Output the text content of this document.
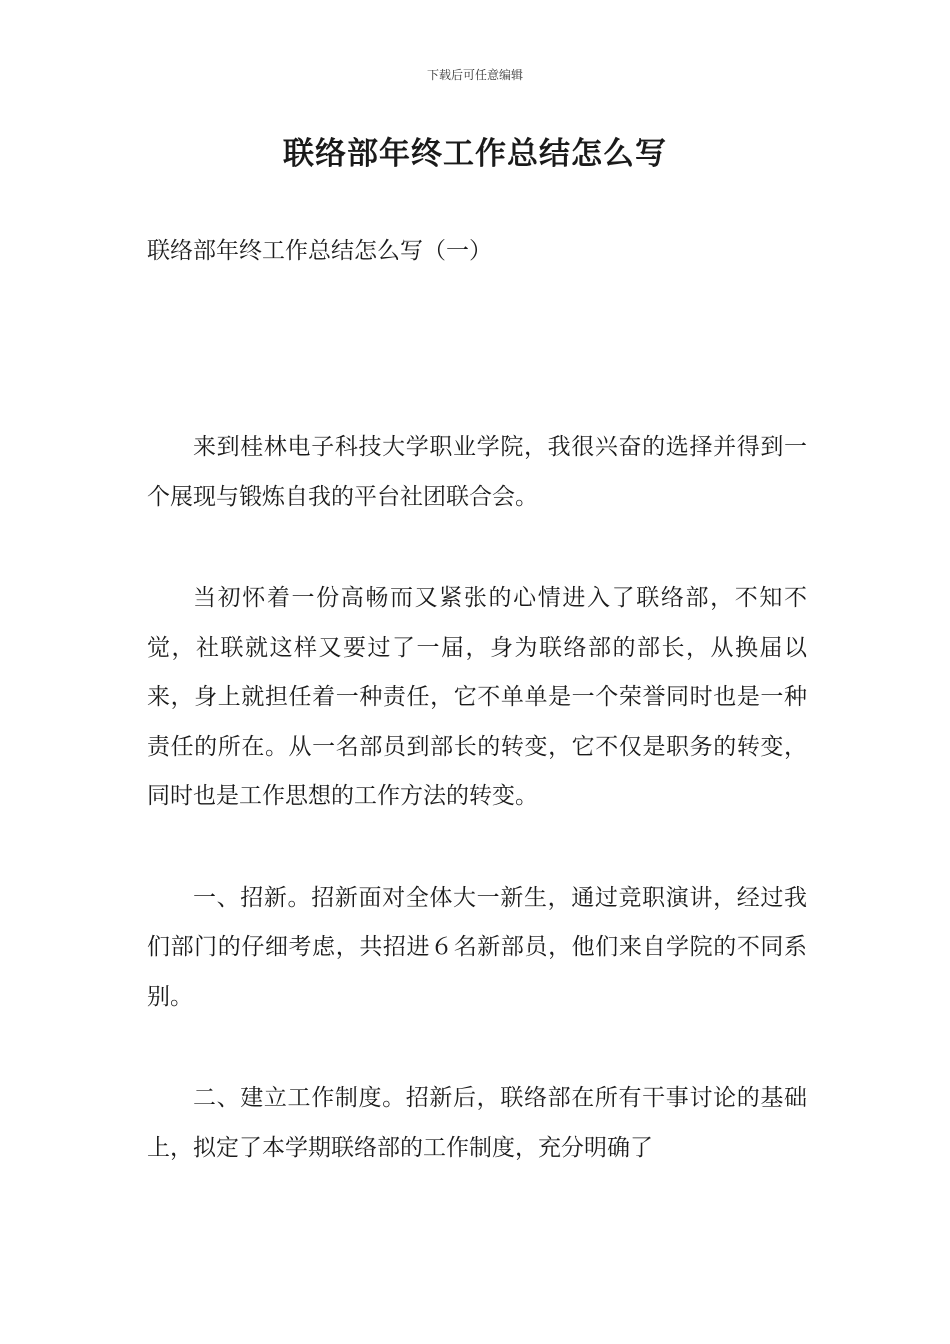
下载后可任意编辑
联络部年终工作总结怎么写
联络部年终工作总结怎么写（一）

来到桂林电子科技大学职业学院，我很兴奋的选择并得到一个展现与锻炼自我的平台社团联合会。

当初怀着一份高畅而又紧张的心情进入了联络部，不知不觉，社联就这样又要过了一届，身为联络部的部长，从换届以来，身上就担任着一种责任，它不单单是一个荣誉同时也是一种责任的所在。从一名部员到部长的转变，它不仅是职务的转变，同时也是工作思想的工作方法的转变。

一、招新。招新面对全体大一新生，通过竞职演讲，经过我们部门的仔细考虑，共招进６名新部员，他们来自学院的不同系别。

二、建立工作制度。招新后，联络部在所有干事讨论的基础上，拟定了本学期联络部的工作制度，充分明确了
